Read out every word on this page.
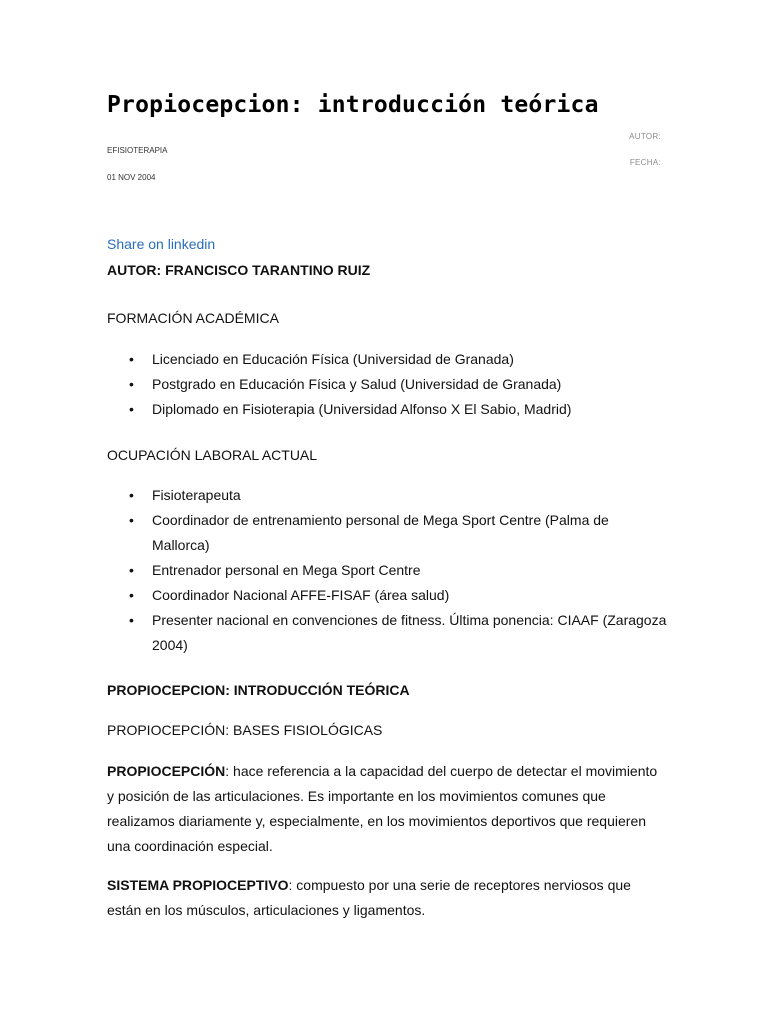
Propiocepcion: introducción teórica
AUTOR:
EFISIOTERAPIA
FECHA:
01 NOV 2004
Share on linkedin

AUTOR: FRANCISCO TARANTINO RUIZ

FORMACIÓN ACADÉMICA

• Licenciado en Educación Física (Universidad de Granada)
• Postgrado en Educación Física y Salud (Universidad de Granada)
• Diplomado en Fisioterapia (Universidad Alfonso X El Sabio, Madrid)

OCUPACIÓN LABORAL ACTUAL

• Fisioterapeuta
• Coordinador de entrenamiento personal de Mega Sport Centre (Palma de Mallorca)
• Entrenador personal en Mega Sport Centre
• Coordinador Nacional AFFE-FISAF (área salud)
• Presenter nacional en convenciones de fitness. Última ponencia: CIAAF (Zaragoza 2004)

PROPIOCEPCION: INTRODUCCIÓN TEÓRICA

PROPIOCEPCIÓN: BASES FISIOLÓGICAS

PROPIOCEPCIÓN: hace referencia a la capacidad del cuerpo de detectar el movimiento y posición de las articulaciones. Es importante en los movimientos comunes que realizamos diariamente y, especialmente, en los movimientos deportivos que requieren una coordinación especial.

SISTEMA PROPIOCEPTIVO: compuesto por una serie de receptores nerviosos que están en los músculos, articulaciones y ligamentos.
